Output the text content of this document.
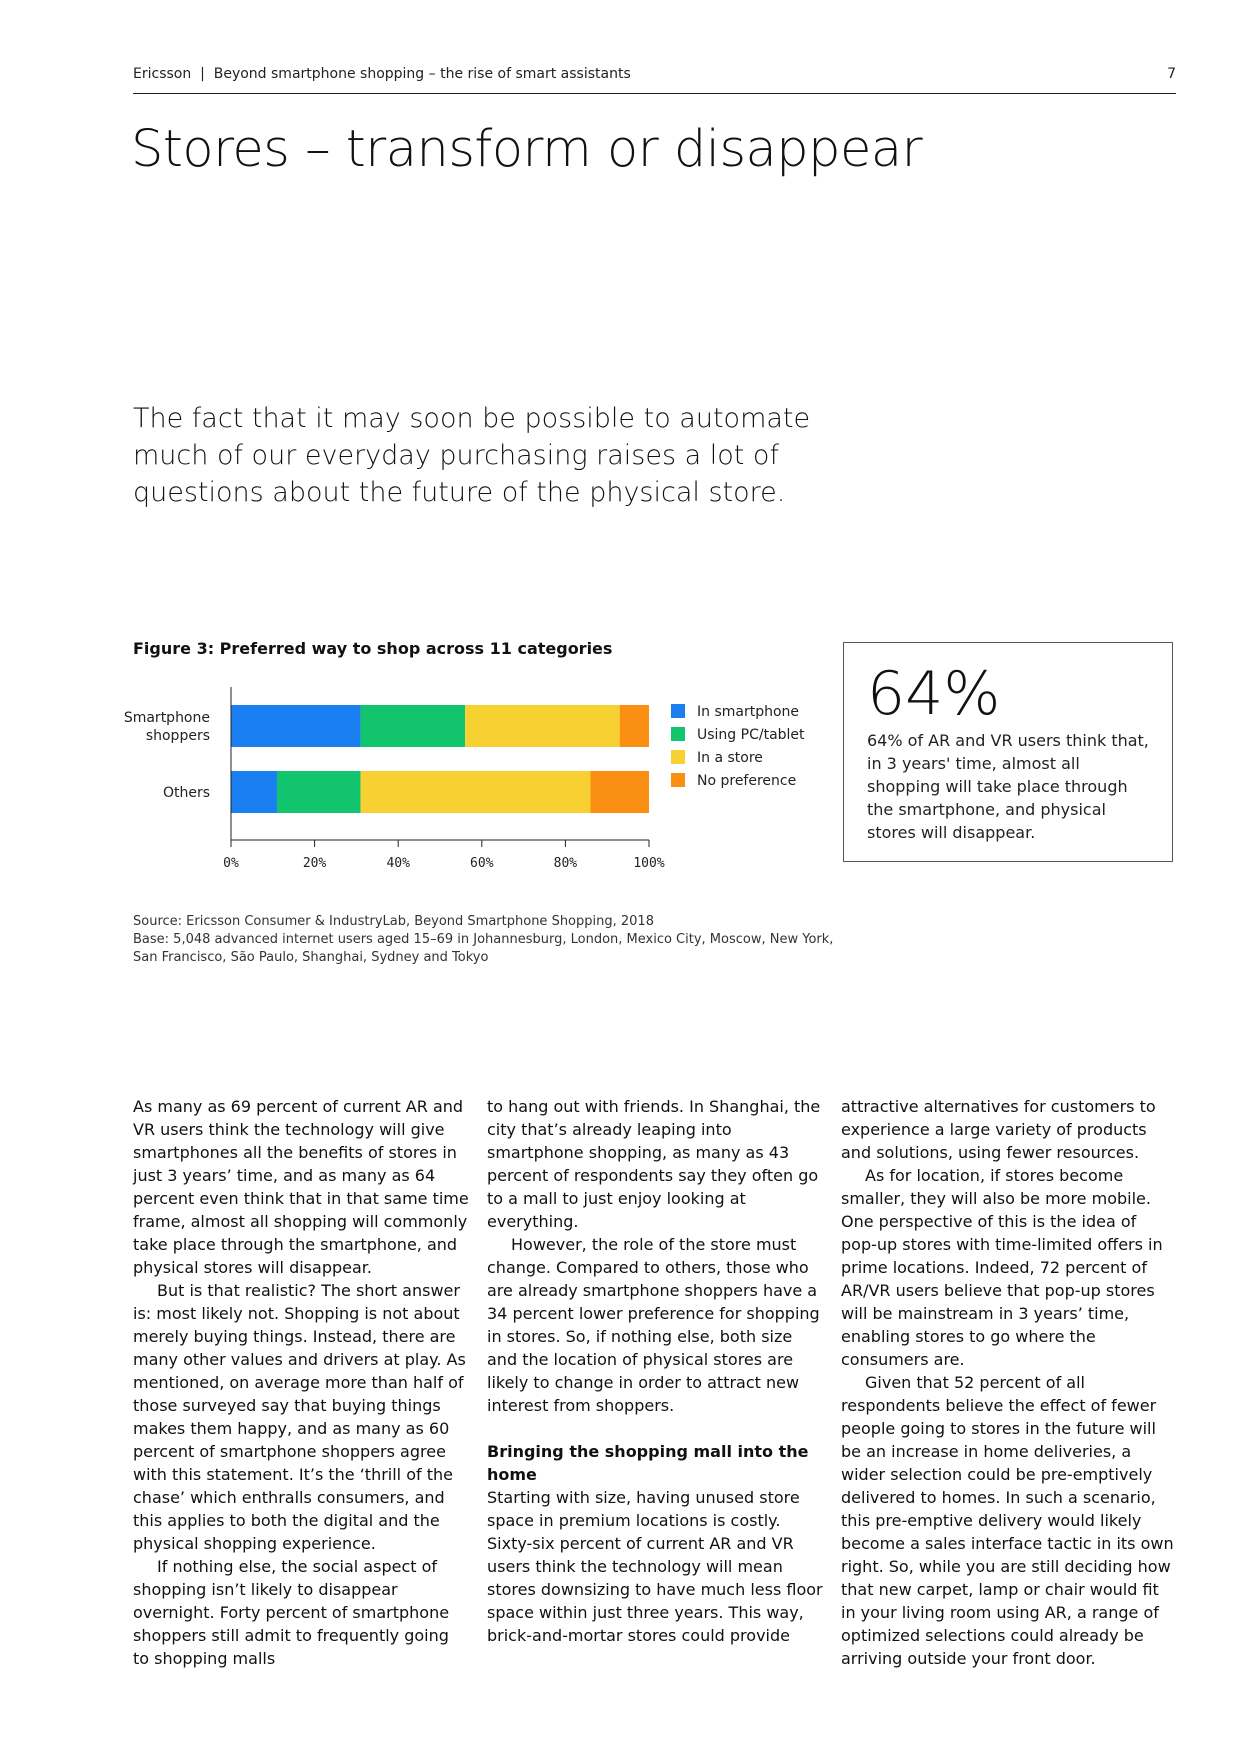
Ericsson  |  Beyond smartphone shopping – the rise of smart assistants	7
Stores – transform or disappear
The fact that it may soon be possible to automate much of our everyday purchasing raises a lot of questions about the future of the physical store.
Figure 3: Preferred way to shop across 11 categories
Smartphone
shoppers
Others
0%	20%	40%	60%	80%	100%
In smartphone
Using PC/tablet
In a store
No preference
64%
64% of AR and VR users think that, in 3 years' time, almost all shopping will take place through the smartphone, and physical stores will disappear.
Source: Ericsson Consumer & IndustryLab, Beyond Smartphone Shopping, 2018
Base: 5,048 advanced internet users aged 15–69 in Johannesburg, London, Mexico City, Moscow, New York, San Francisco, São Paulo, Shanghai, Sydney and Tokyo

As many as 69 percent of current AR and VR users think the technology will give smartphones all the benefits of stores in just 3 years’ time, and as many as 64 percent even think that in that same time frame, almost all shopping will commonly take place through the smartphone, and physical stores will disappear.

But is that realistic? The short answer is: most likely not. Shopping is not about merely buying things. Instead, there are many other values and drivers at play. As mentioned, on average more than half of those surveyed say that buying things makes them happy, and as many as 60 percent of smartphone shoppers agree with this statement. It’s the ‘thrill of the chase’ which enthralls consumers, and this applies to both the digital and the physical shopping experience.

If nothing else, the social aspect of shopping isn’t likely to disappear overnight. Forty percent of smartphone shoppers still admit to frequently going to shopping malls

to hang out with friends. In Shanghai, the city that’s already leaping into smartphone shopping, as many as 43 percent of respondents say they often go to a mall to just enjoy looking at everything.

However, the role of the store must change. Compared to others, those who are already smartphone shoppers have a 34 percent lower preference for shopping in stores. So, if nothing else, both size and the location of physical stores are likely to change in order to attract new interest from shoppers.

Bringing the shopping mall into the home

Starting with size, having unused store space in premium locations is costly. Sixty-six percent of current AR and VR users think the technology will mean stores downsizing to have much less floor space within just three years. This way, brick-and-mortar stores could provide

attractive alternatives for customers to experience a large variety of products and solutions, using fewer resources.

As for location, if stores become smaller, they will also be more mobile. One perspective of this is the idea of pop-up stores with time-limited offers in prime locations. Indeed, 72 percent of AR/VR users believe that pop-up stores will be mainstream in 3 years’ time, enabling stores to go where the consumers are.

Given that 52 percent of all respondents believe the effect of fewer people going to stores in the future will be an increase in home deliveries, a wider selection could be pre-emptively delivered to homes. In such a scenario, this pre-emptive delivery would likely become a sales interface tactic in its own right. So, while you are still deciding how that new carpet, lamp or chair would fit in your living room using AR, a range of optimized selections could already be arriving outside your front door.
